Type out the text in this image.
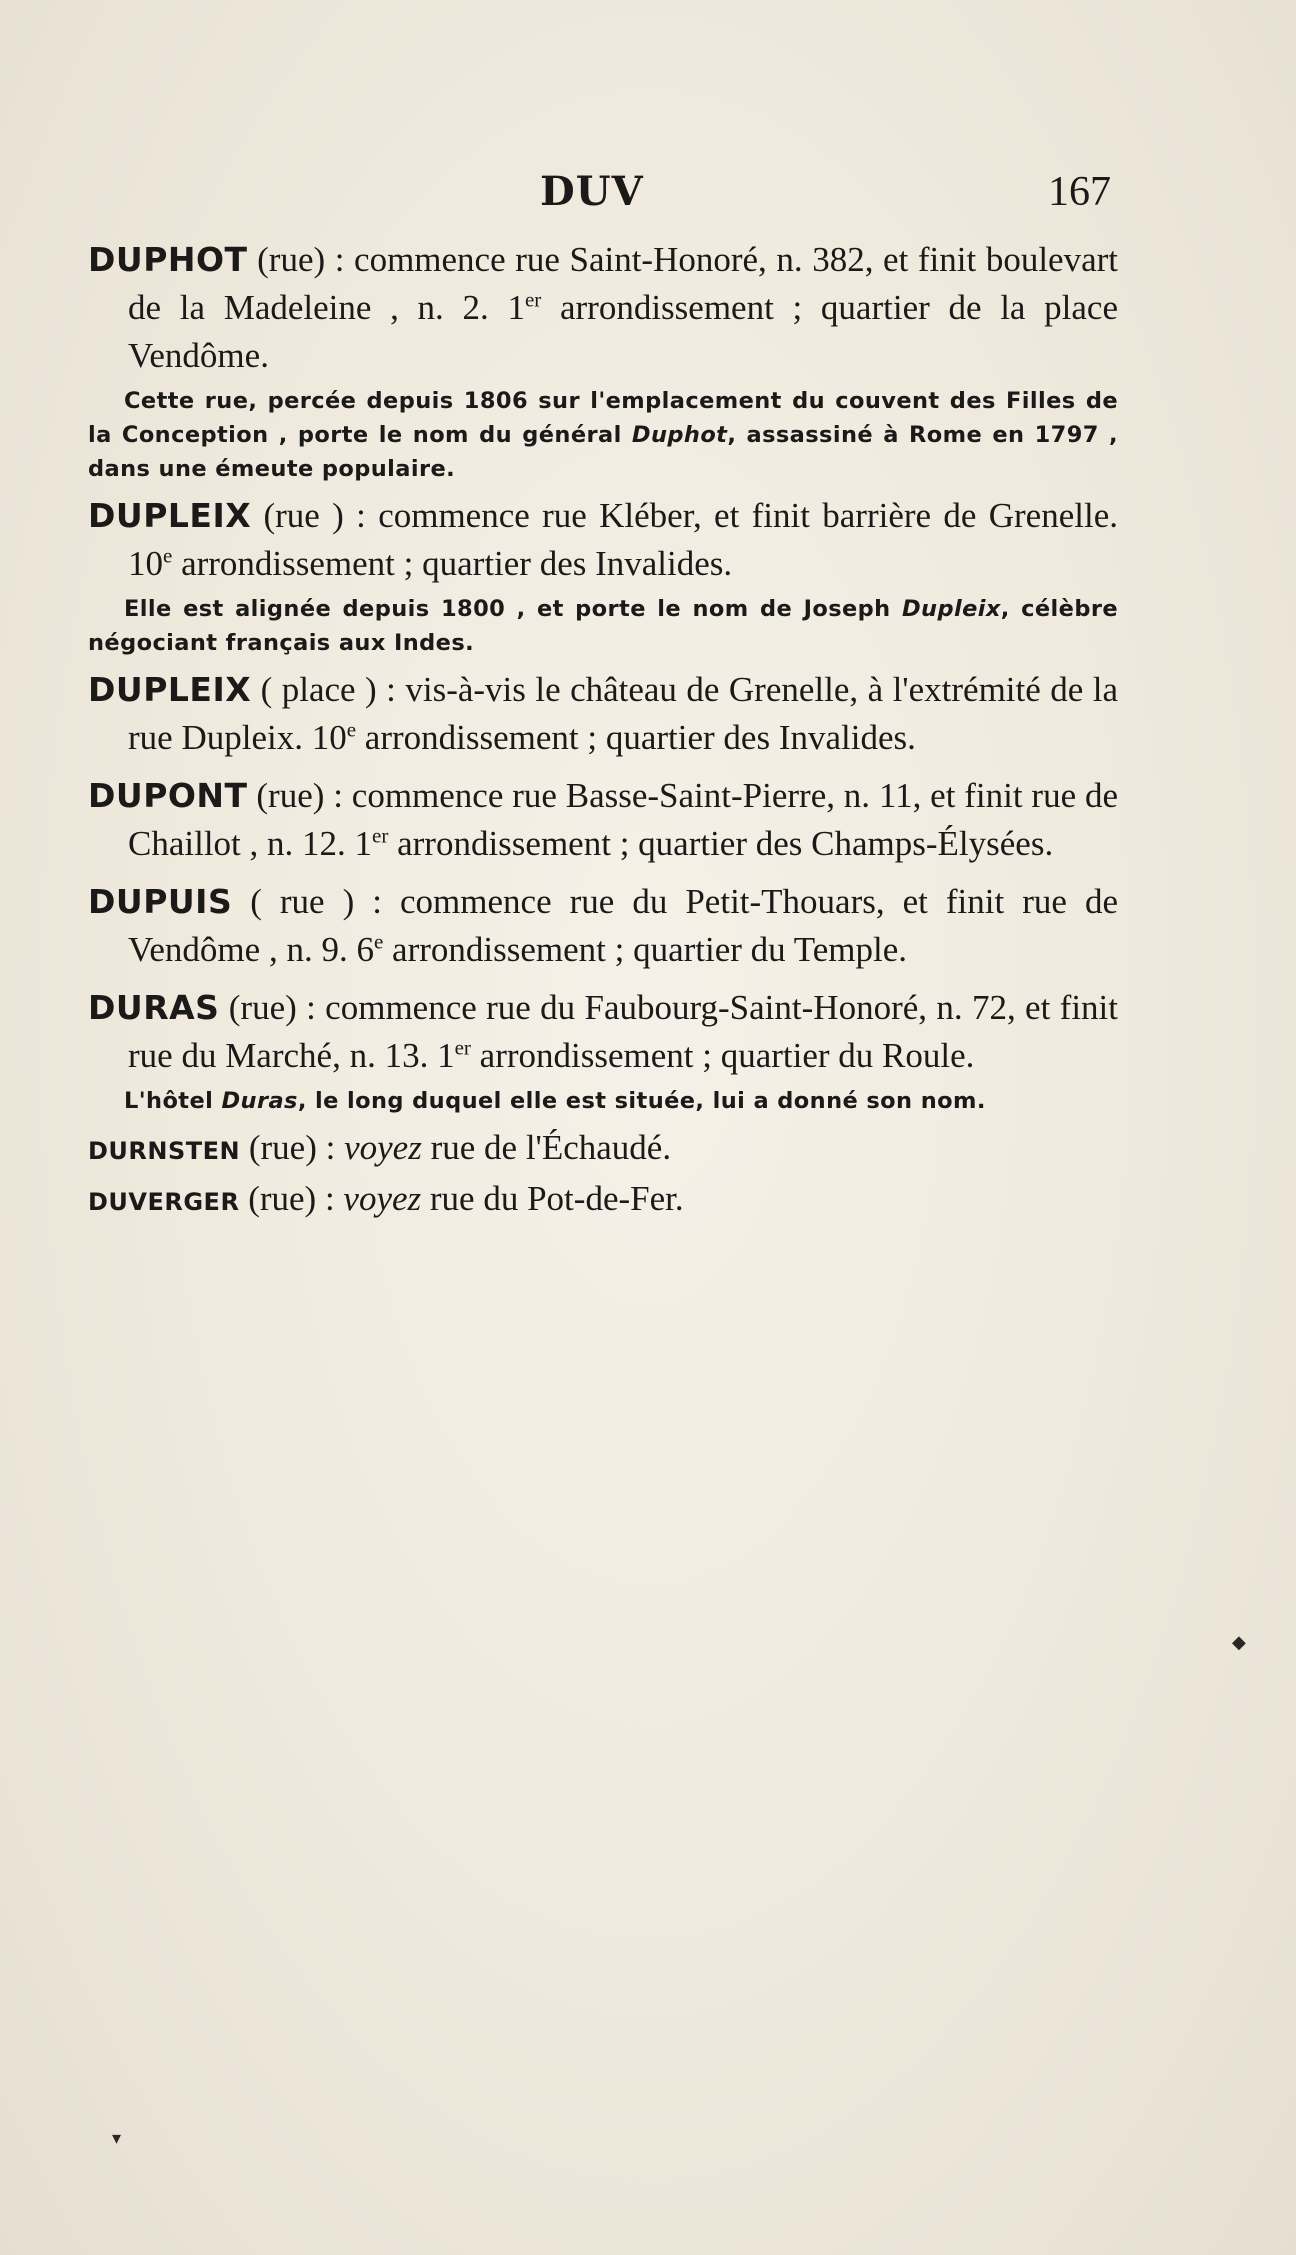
DUV	167

DUPHOT (rue) : commence rue Saint-Honoré, n. 382, et finit boulevart de la Madeleine , n. 2. 1er arrondissement ; quartier de la place Vendôme.

Cette rue, percée depuis 1806 sur l'emplacement du couvent des Filles de la Conception , porte le nom du général Duphot, assassiné à Rome en 1797 , dans une émeute populaire.

DUPLEIX (rue ) : commence rue Kléber, et finit barrière de Grenelle. 10e arrondissement ; quartier des Invalides.

Elle est alignée depuis 1800 , et porte le nom de Joseph Dupleix, célèbre négociant français aux Indes.

DUPLEIX ( place ) : vis-à-vis le château de Grenelle, à l'extrémité de la rue Dupleix. 10e arrondissement ; quartier des Invalides.

DUPONT (rue) : commence rue Basse-Saint-Pierre, n. 11, et finit rue de Chaillot , n. 12. 1er arrondissement ; quartier des Champs-Élysées.

DUPUIS ( rue ) : commence rue du Petit-Thouars, et finit rue de Vendôme , n. 9. 6e arrondissement ; quartier du Temple.

DURAS (rue) : commence rue du Faubourg-Saint-Honoré, n. 72, et finit rue du Marché, n. 13. 1er arrondissement ; quartier du Roule.

L'hôtel Duras, le long duquel elle est située, lui a donné son nom.

DURNSTEN (rue) : voyez rue de l'Échaudé.

DUVERGER (rue) : voyez rue du Pot-de-Fer.

◆
▾
